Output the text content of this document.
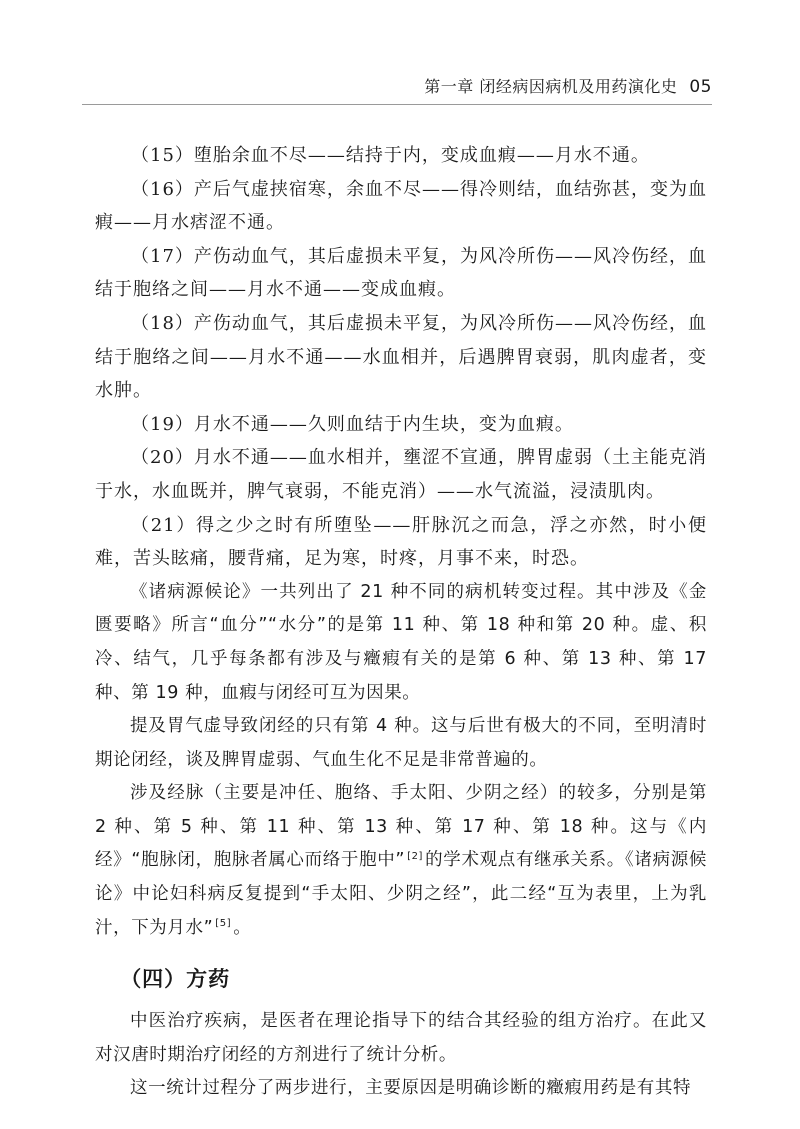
第一章 闭经病因病机及用药演化史 05

（15）堕胎余血不尽——结持于内，变成血瘕——月水不通。

（16）产后气虚挟宿寒，余血不尽——得冷则结，血结弥甚，变为血瘕——月水痞涩不通。

（17）产伤动血气，其后虚损未平复，为风冷所伤——风冷伤经，血结于胞络之间——月水不通——变成血瘕。

（18）产伤动血气，其后虚损未平复，为风冷所伤——风冷伤经，血结于胞络之间——月水不通——水血相并，后遇脾胃衰弱，肌肉虚者，变水肿。

（19）月水不通——久则血结于内生块，变为血瘕。

（20）月水不通——血水相并，壅涩不宣通，脾胃虚弱（土主能克消于水，水血既并，脾气衰弱，不能克消）——水气流溢，浸渍肌肉。

（21）得之少之时有所堕坠——肝脉沉之而急，浮之亦然，时小便难，苦头眩痛，腰背痛，足为寒，时疼，月事不来，时恐。

《诸病源候论》一共列出了 21 种不同的病机转变过程。其中涉及《金匮要略》所言“血分”“水分”的是第 11 种、第 18 种和第 20 种。虚、积冷、结气，几乎每条都有涉及与癥瘕有关的是第 6 种、第 13 种、第 17 种、第 19 种，血瘕与闭经可互为因果。

提及胃气虚导致闭经的只有第 4 种。这与后世有极大的不同，至明清时期论闭经，谈及脾胃虚弱、气血生化不足是非常普遍的。

涉及经脉（主要是冲任、胞络、手太阳、少阴之经）的较多，分别是第 2 种、第 5 种、第 11 种、第 13 种、第 17 种、第 18 种。这与《内经》“胞脉闭，胞脉者属心而络于胞中” [2] 的学术观点有继承关系。《诸病源候论》中论妇科病反复提到“手太阳、少阴之经”，此二经“互为表里，上为乳汁，下为月水” [5] 。

（四）方药

中医治疗疾病，是医者在理论指导下的结合其经验的组方治疗。在此又对汉唐时期治疗闭经的方剂进行了统计分析。

这一统计过程分了两步进行，主要原因是明确诊断的癥瘕用药是有其特
